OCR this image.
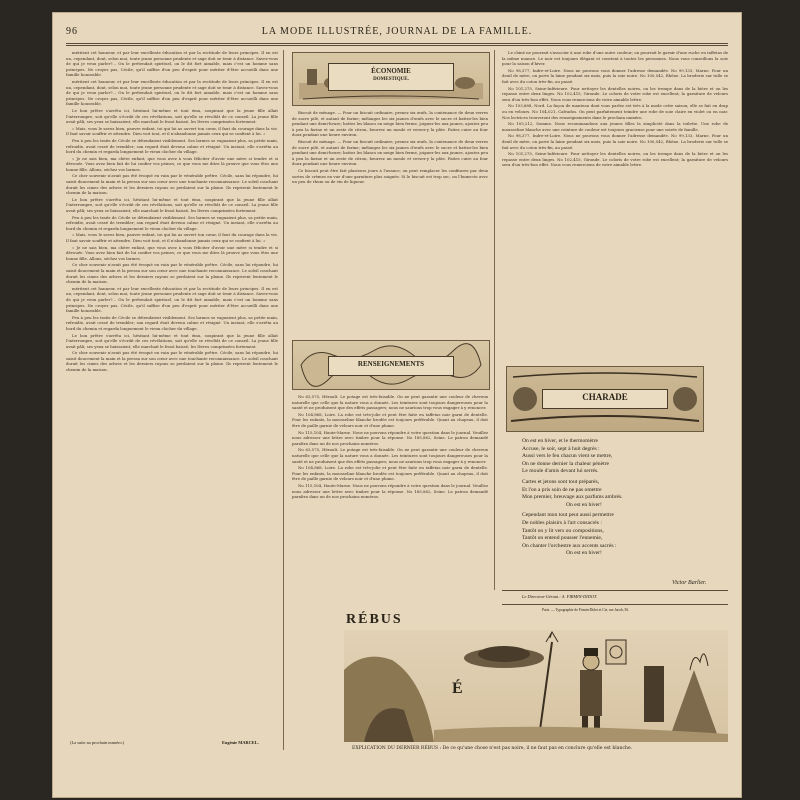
96	LA MODE ILLUSTRÉE, JOURNAL DE LA FAMILLE.

méritent cet honneur, et par leur excellente éducation et par la rectitude de leurs principes. Il en est un, cependant, dont, selon moi, toute jeune personne prudente et sage doit se tenir à distance. Savez-vous de qui je veux parler?... On le prétendait spirituel, on le dit fort aimable, mais c'est un homme sans principes. Ne croyez pas, Cécile, qu'il suffise d'un peu d'esprit pour mériter d'être accueilli dans une famille honorable.

méritent cet honneur, et par leur excellente éducation et par la rectitude de leurs principes. Il en est un, cependant, dont, selon moi, toute jeune personne prudente et sage doit se tenir à distance. Savez-vous de qui je veux parler?... On le prétendait spirituel, on le dit fort aimable, mais c'est un homme sans principes. Ne croyez pas, Cécile, qu'il suffise d'un peu d'esprit pour mériter d'être accueilli dans une famille honorable.

Le bon prêtre s'arrêta ici, hésitant lui-même et tout ému, soupirant que la jeune fille allait l'interrompre, soit qu'elle s'écriât de ces révélations, soit qu'elle se révoltât de ce conseil. La jeune fille avait pâli; ses yeux se baissaient; elle marchait le front baissé, les lèvres comprimées fortement.

« Mais, vous le savez bien, pauvre enfant, toi qui lui as ouvert ton cœur, il faut du courage dans la vie. Il faut savoir souffrir et attendre. Dieu voit tout, et il n'abandonne jamais ceux qui se confient à lui. »

Peu à peu les traits de Cécile se détendaient visiblement. Ses larmes se vaguaient plus, sa petite main, refroidie, avait cessé de trembler; son regard était devenu calme et résigné. Un instant, elle s'arrêta au bord du chemin et regarda longuement le vieux clocher du village.

« Je ne sais bien, ma chère enfant, que vous avez à vous féliciter d'avoir une mère si tendre et si dévouée. Vous avez bien fait de lui confier vos peines; ce que vous me dites là prouve que vous êtes une bonne fille. Allons, séchez vos larmes.

Ce cher souvenir n'avait pas été évoqué en vain par le vénérable prêtre. Cécile, sans lui répondre, lui saisit doucement la main et la pressa sur son cœur avec une touchante reconnaissance. Le soleil couchant dorait les cimes des arbres et les derniers rayons se perdaient sur la plaine. Ils reprirent lentement le chemin de la maison.

Le bon prêtre s'arrêta ici, hésitant lui-même et tout ému, soupirant que la jeune fille allait l'interrompre, soit qu'elle s'écriât de ces révélations, soit qu'elle se révoltât de ce conseil. La jeune fille avait pâli; ses yeux se baissaient; elle marchait le front baissé, les lèvres comprimées fortement.

Peu à peu les traits de Cécile se détendaient visiblement. Ses larmes se vaguaient plus, sa petite main, refroidie, avait cessé de trembler; son regard était devenu calme et résigné. Un instant, elle s'arrêta au bord du chemin et regarda longuement le vieux clocher du village.

« Mais, vous le savez bien, pauvre enfant, toi qui lui as ouvert ton cœur, il faut du courage dans la vie. Il faut savoir souffrir et attendre. Dieu voit tout, et il n'abandonne jamais ceux qui se confient à lui. »

« Je ne sais bien, ma chère enfant, que vous avez à vous féliciter d'avoir une mère si tendre et si dévouée. Vous avez bien fait de lui confier vos peines; ce que vous me dites là prouve que vous êtes une bonne fille. Allons, séchez vos larmes.

Ce cher souvenir n'avait pas été évoqué en vain par le vénérable prêtre. Cécile, sans lui répondre, lui saisit doucement la main et la pressa sur son cœur avec une touchante reconnaissance. Le soleil couchant dorait les cimes des arbres et les derniers rayons se perdaient sur la plaine. Ils reprirent lentement le chemin de la maison.

méritent cet honneur, et par leur excellente éducation et par la rectitude de leurs principes. Il en est un, cependant, dont, selon moi, toute jeune personne prudente et sage doit se tenir à distance. Savez-vous de qui je veux parler?... On le prétendait spirituel, on le dit fort aimable, mais c'est un homme sans principes. Ne croyez pas, Cécile, qu'il suffise d'un peu d'esprit pour mériter d'être accueilli dans une famille honorable.

Peu à peu les traits de Cécile se détendaient visiblement. Ses larmes se vaguaient plus, sa petite main, refroidie, avait cessé de trembler; son regard était devenu calme et résigné. Un instant, elle s'arrêta au bord du chemin et regarda longuement le vieux clocher du village.

Le bon prêtre s'arrêta ici, hésitant lui-même et tout ému, soupirant que la jeune fille allait l'interrompre, soit qu'elle s'écriât de ces révélations, soit qu'elle se révoltât de ce conseil. La jeune fille avait pâli; ses yeux se baissaient; elle marchait le front baissé, les lèvres comprimées fortement.

Ce cher souvenir n'avait pas été évoqué en vain par le vénérable prêtre. Cécile, sans lui répondre, lui saisit doucement la main et la pressa sur son cœur avec une touchante reconnaissance. Le soleil couchant dorait les cimes des arbres et les derniers rayons se perdaient sur la plaine. Ils reprirent lentement le chemin de la maison.

(La suite au prochain numéro.)	Eugénie MARCEL.
ÉCONOMIE
DOMESTIQUE.

Biscuit de ménage. — Pour un biscuit ordinaire, prenez six œufs, la contenance de deux verres de sucre pilé, et autant de farine; mélangez les six jaunes d'œufs avec le sucre et battez-les bien pendant une demi-heure; battez les blancs en neige bien ferme, joignez-les aux jaunes, ajoutez peu à peu la farine et un zeste de citron, beurrez un moule et versez-y la pâte. Faites cuire au four doux pendant une heure environ.

Biscuit de ménage. — Pour un biscuit ordinaire, prenez six œufs, la contenance de deux verres de sucre pilé, et autant de farine; mélangez les six jaunes d'œufs avec le sucre et battez-les bien pendant une demi-heure; battez les blancs en neige bien ferme, joignez-les aux jaunes, ajoutez peu à peu la farine et un zeste de citron, beurrez un moule et versez-y la pâte. Faites cuire au four doux pendant une heure environ.

Ce biscuit peut être fait plusieurs jours à l'avance; on peut remplacer les confitures par deux sortes de crèmes en vue d'une garniture plus soignée. Si le biscuit est trop sec, on l'humecte avec un peu de rhum ou de vin de liqueur.

RENSEIGNEMENTS

No 63,575, Hérault. Le potage est très-faisable. On ne peut garantir une couleur de cheveux naturelle que celle que la nature vous a donnée. Les teintures sont toujours dangereuses pour la santé et ne produisent que des effets passagers; nous ne saurions trop vous engager à y renoncer.

No 104,868, Loire. La robe est très-jolie et peut être faite en taffetas noir garni de dentelle. Pour les enfants, la mousseline blanche brodée est toujours préférable. Quant au chapeau, il doit être de paille garnie de velours noir et d'une plume.

No 115,104, Haute-Marne. Nous ne pouvons répondre à votre question dans le journal. Veuillez nous adresser une lettre avec timbre pour la réponse. No 185,862, Seine. Le patron demandé paraîtra dans un de nos prochains numéros.

No 63,575, Hérault. Le potage est très-faisable. On ne peut garantir une couleur de cheveux naturelle que celle que la nature vous a donnée. Les teintures sont toujours dangereuses pour la santé et ne produisent que des effets passagers; nous ne saurions trop vous engager à y renoncer.

No 104,868, Loire. La robe est très-jolie et peut être faite en taffetas noir garni de dentelle. Pour les enfants, la mousseline blanche brodée est toujours préférable. Quant au chapeau, il doit être de paille garnie de velours noir et d'une plume.

No 115,104, Haute-Marne. Nous ne pouvons répondre à votre question dans le journal. Veuillez nous adresser une lettre avec timbre pour la réponse. No 185,862, Seine. Le patron demandé paraîtra dans un de nos prochains numéros.

Le chiné ne pourrait s'associer à une robe d'une autre couleur; on pourrait le garnir d'une ruche en taffetas de la même nuance. Le noir est toujours élégant et convient à toutes les personnes. Nous vous conseillons la soie pour la saison d'hiver.

No 98,377, Indre-et-Loire. Nous ne pouvons vous donner l'adresse demandée. No 99,133, Marne. Pour un deuil de mère, on porte la laine pendant six mois, puis la soie noire. No 100,542, Rhône. La broderie sur tulle se fait avec du coton très-fin, au passé.

No 101,275, Seine-Inférieure. Pour nettoyer les dentelles noires, on les trempe dans de la bière et on les repasse entre deux linges. No 102,415, Gironde. Le coloris de votre robe est excellent; la garniture de velours sera d'un très-bon effet. Nous vous remercions de votre aimable lettre.

No 103,688, Nord. La façon de manteau dont vous parlez est très à la mode cette saison; elle se fait en drap ou en velours. No 104,021, Calvados. On peut parfaitement teindre une robe de soie claire en violet ou en noir. Nos lectrices trouveront des renseignements dans le prochain numéro.

No 105,212, Somme. Nous recommandons aux jeunes filles la simplicité dans la toilette. Une robe de mousseline blanche avec une ceinture de couleur est toujours gracieuse pour une soirée de famille.

No 98,377, Indre-et-Loire. Nous ne pouvons vous donner l'adresse demandée. No 99,133, Marne. Pour un deuil de mère, on porte la laine pendant six mois, puis la soie noire. No 100,542, Rhône. La broderie sur tulle se fait avec du coton très-fin, au passé.

No 101,275, Seine-Inférieure. Pour nettoyer les dentelles noires, on les trempe dans de la bière et on les repasse entre deux linges. No 102,415, Gironde. Le coloris de votre robe est excellent; la garniture de velours sera d'un très-bon effet. Nous vous remercions de votre aimable lettre.

CHARADE
On est en hiver, et le thermomètre
Accuse, le soir, sept à huit degrés :
Aussi vers le feu chacun vient se mettre,
On ne donne dernier la chaleur pénètre
Le moule d'amis devant lui serrés.
Cartes et jetons sont tout préparés,
Et l'on a pris soin de ne pas omettre
Mon premier, breuvage aux parfums ambrés.
On est en hiver!
Cependant mon tout peut aussi permettre
De nobles plaisirs à l'art consacrés :
Tantôt on y lit vers ou compositions,
Tantôt on entend pousser l'ennemie,
On chanter l'orchestre aux accents sacrés :
On est en hiver!
Victor Barlier.
Le Directeur-Gérant : A. FIRMIN-DIDOT.
Paris. — Typographie de Firmin-Didot et Cie, rue Jacob, 56.
RÉBUS
É
EXPLICATION DU DERNIER RÉBUS : De ce qu'une chose n'est pas noire, il ne faut pas en conclure qu'elle est blanche.
